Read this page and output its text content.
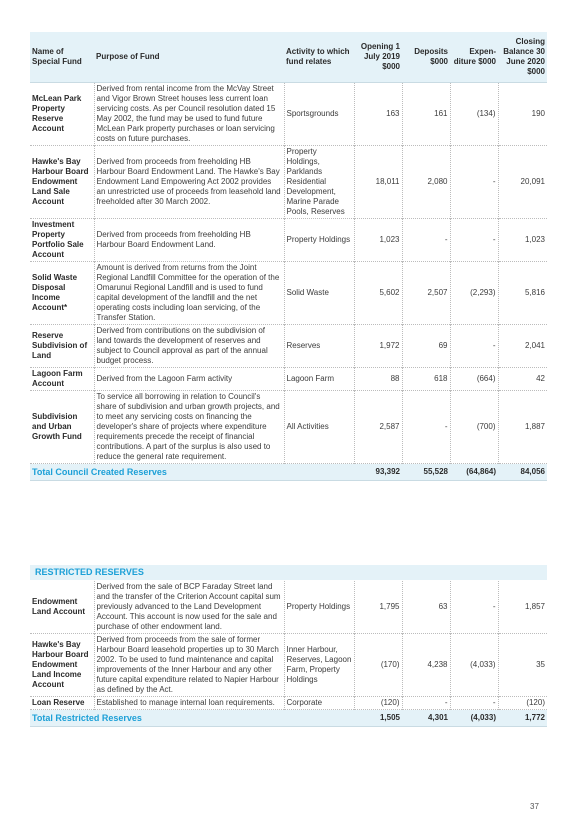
Name of Special Fund	Purpose of Fund	Activity to which fund relates	Opening 1 July 2019 $000	Deposits $000	Expen- diture $000	Closing Balance 30 June 2020 $000
McLean Park Property Reserve Account	Derived from rental income from the McVay Street and Vigor Brown Street houses less current loan servicing costs. As per Council resolution dated 15 May 2002, the fund may be used to fund future McLean Park property purchases or loan servicing costs on future purchases.	Sportsgrounds	163	161	(134)	190
Hawke's Bay Harbour Board Endowment Land Sale Account	Derived from proceeds from freeholding HB Harbour Board Endowment Land. The Hawke's Bay Endowment Land Empowering Act 2002 provides an unrestricted use of proceeds from leasehold land freeholded after 30 March 2002.	Property Holdings, Parklands Residential Development, Marine Parade Pools, Reserves	18,011	2,080	-	20,091
Investment Property Portfolio Sale Account	Derived from proceeds from freeholding HB Harbour Board Endowment Land.	Property Holdings	1,023	-	-	1,023
Solid Waste Disposal Income Account*	Amount is derived from returns from the Joint Regional Landfill Committee for the operation of the Omarunui Regional Landfill and is used to fund capital development of the landfill and the net operating costs including loan servicing, of the Transfer Station.	Solid Waste	5,602	2,507	(2,293)	5,816
Reserve Subdivision of Land	Derived from contributions on the subdivision of land towards the development of reserves and subject to Council approval as part of the annual budget process.	Reserves	1,972	69	-	2,041
Lagoon Farm Account	Derived from the Lagoon Farm activity	Lagoon Farm	88	618	(664)	42
Subdivision and Urban Growth Fund	To service all borrowing in relation to Council's share of subdivision and urban growth projects, and to meet any servicing costs on financing the developer's share of projects where expenditure requirements precede the receipt of financial contributions. A part of the surplus is also used to reduce the general rate requirement.	All Activities	2,587	-	(700)	1,887
Total Council Created Reserves			93,392	55,528	(64,864)	84,056
RESTRICTED RESERVES
Endowment Land Account	Derived from the sale of BCP Faraday Street land and the transfer of the Criterion Account capital sum previously advanced to the Land Development Account. This account is now used for the sale and purchase of other endowment land.	Property Holdings	1,795	63	-	1,857
Hawke's Bay Harbour Board Endowment Land Income Account	Derived from proceeds from the sale of former Harbour Board leasehold properties up to 30 March 2002. To be used to fund maintenance and capital improvements of the Inner Harbour and any other future capital expenditure related to Napier Harbour as defined by the Act.	Inner Harbour, Reserves, Lagoon Farm, Property Holdings	(170)	4,238	(4,033)	35
Loan Reserve	Established to manage internal loan requirements.	Corporate	(120)	-	-	(120)
Total Restricted Reserves			1,505	4,301	(4,033)	1,772
37
